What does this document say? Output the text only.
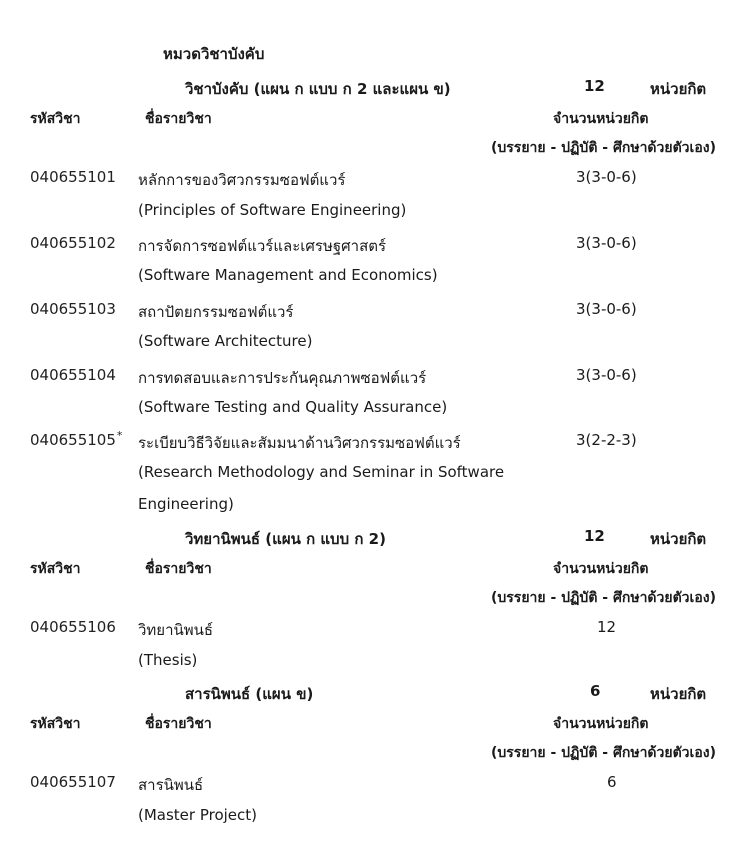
หมวดวิชาบังคับ
วิชาบังคับ (แผน ก แบบ ก 2 และแผน ข)	12	หน่วยกิต
รหัสวิชา	ชื่อรายวิชา	จำนวนหน่วยกิต
(บรรยาย - ปฏิบัติ - ศึกษาด้วยตัวเอง)
040655101 หลักการของวิศวกรรมซอฟต์แวร์
(Principles of Software Engineering)
3(3-0-6)
040655102 การจัดการซอฟต์แวร์และเศรษฐศาสตร์
(Software Management and Economics)
3(3-0-6)
040655103 สถาปัตยกรรมซอฟต์แวร์
(Software Architecture)
3(3-0-6)
040655104 การทดสอบและการประกันคุณภาพซอฟต์แวร์
(Software Testing and Quality Assurance)
3(3-0-6)
040655105* ระเบียบวิธีวิจัยและสัมมนาด้านวิศวกรรมซอฟต์แวร์
(Research Methodology and Seminar in Software
Engineering)
3(2-2-3)
วิทยานิพนธ์ (แผน ก แบบ ก 2)	12	หน่วยกิต
รหัสวิชา	ชื่อรายวิชา	จำนวนหน่วยกิต
(บรรยาย - ปฏิบัติ - ศึกษาด้วยตัวเอง)
040655106 วิทยานิพนธ์
(Thesis)
12
สารนิพนธ์ (แผน ข)	6	หน่วยกิต
รหัสวิชา	ชื่อรายวิชา	จำนวนหน่วยกิต
(บรรยาย - ปฏิบัติ - ศึกษาด้วยตัวเอง)
040655107 สารนิพนธ์
(Master Project)
6
